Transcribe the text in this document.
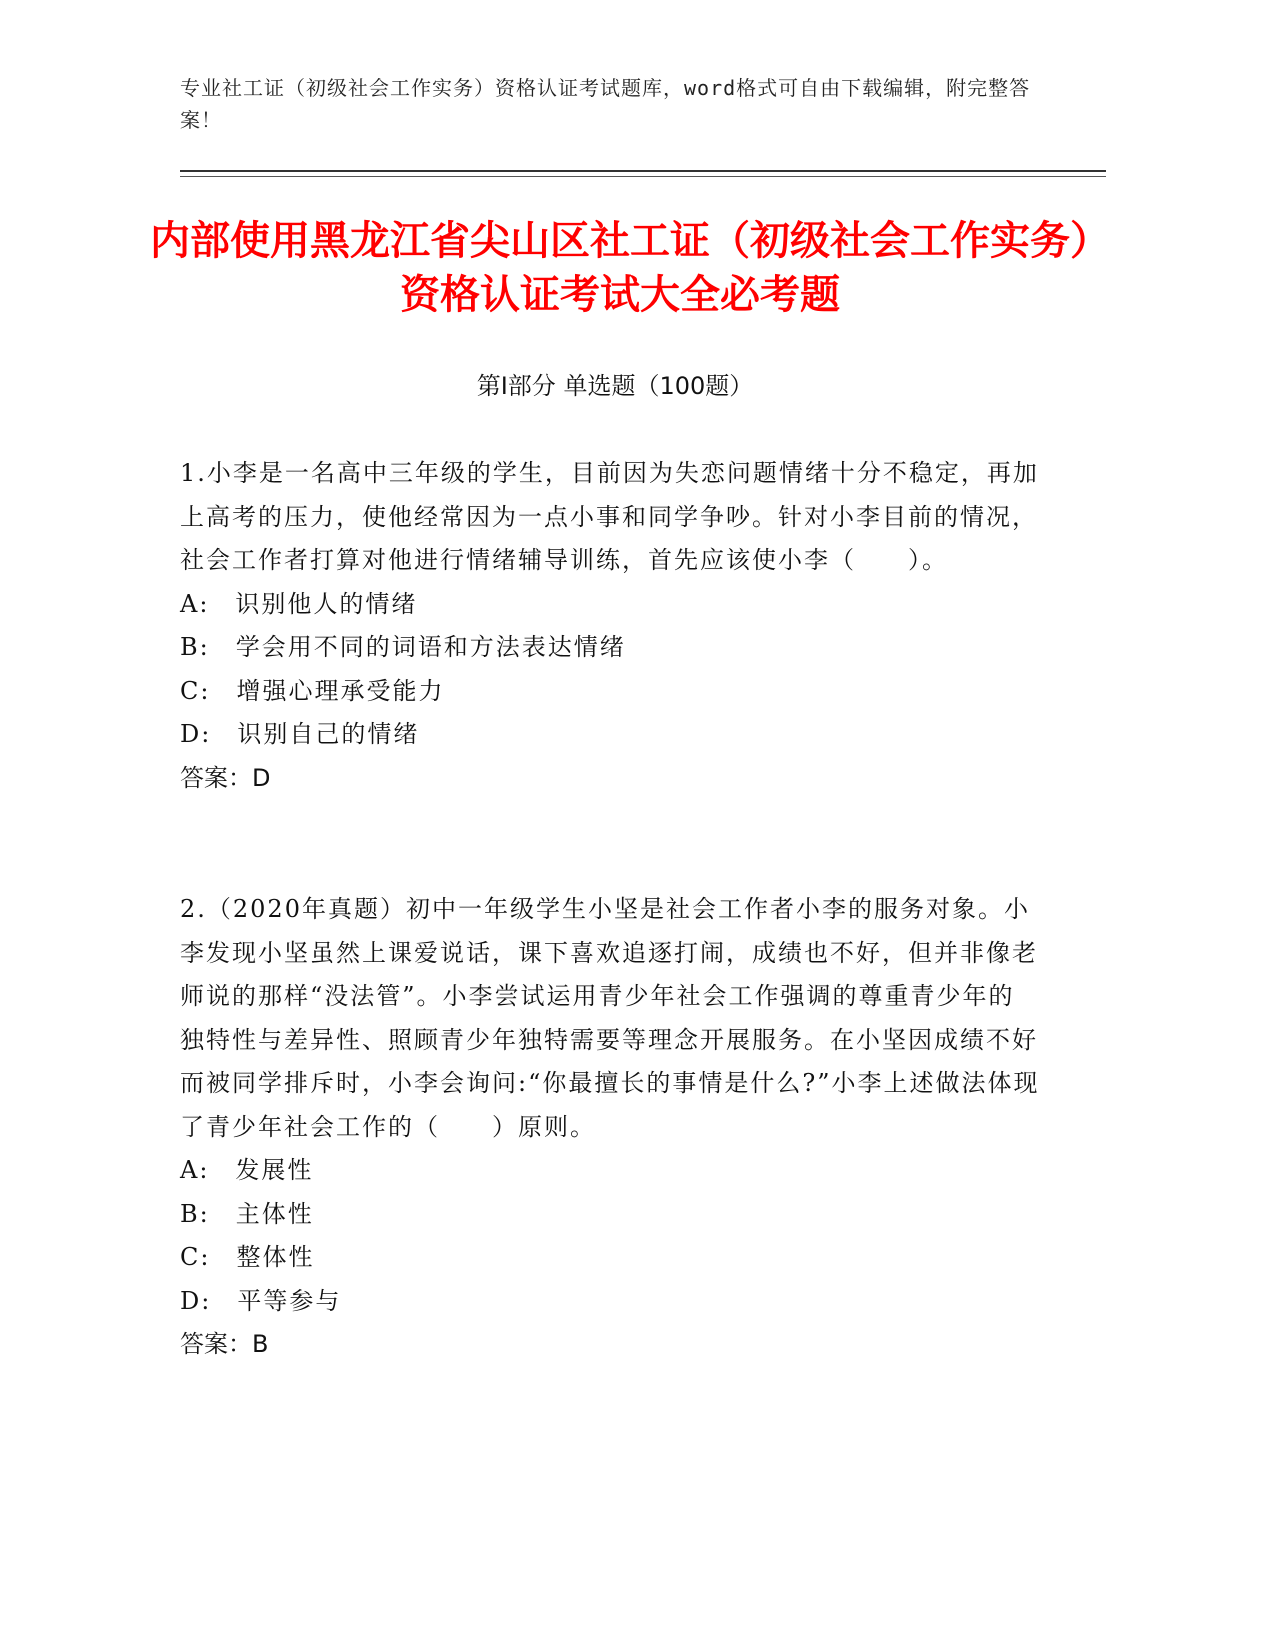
专业社工证（初级社会工作实务）资格认证考试题库，word格式可自由下载编辑，附完整答案！
内部使用黑龙江省尖山区社工证（初级社会工作实务）资格认证考试大全必考题
第I部分 单选题（100题）

1.小李是一名高中三年级的学生，目前因为失恋问题情绪十分不稳定，再加上高考的压力，使他经常因为一点小事和同学争吵。针对小李目前的情况，社会工作者打算对他进行情绪辅导训练，首先应该使小李（　　）。

A:　识别他人的情绪

B:　学会用不同的词语和方法表达情绪

C:　增强心理承受能力

D:　识别自己的情绪

答案：D

2.（2020年真题）初中一年级学生小坚是社会工作者小李的服务对象。小李发现小坚虽然上课爱说话，课下喜欢追逐打闹，成绩也不好，但并非像老师说的那样“没法管”。小李尝试运用青少年社会工作强调的尊重青少年的独特性与差异性、照顾青少年独特需要等理念开展服务。在小坚因成绩不好而被同学排斥时，小李会询问:“你最擅长的事情是什么?”小李上述做法体现了青少年社会工作的（　　）原则。

A:　发展性

B:　主体性

C:　整体性

D:　平等参与

答案：B
